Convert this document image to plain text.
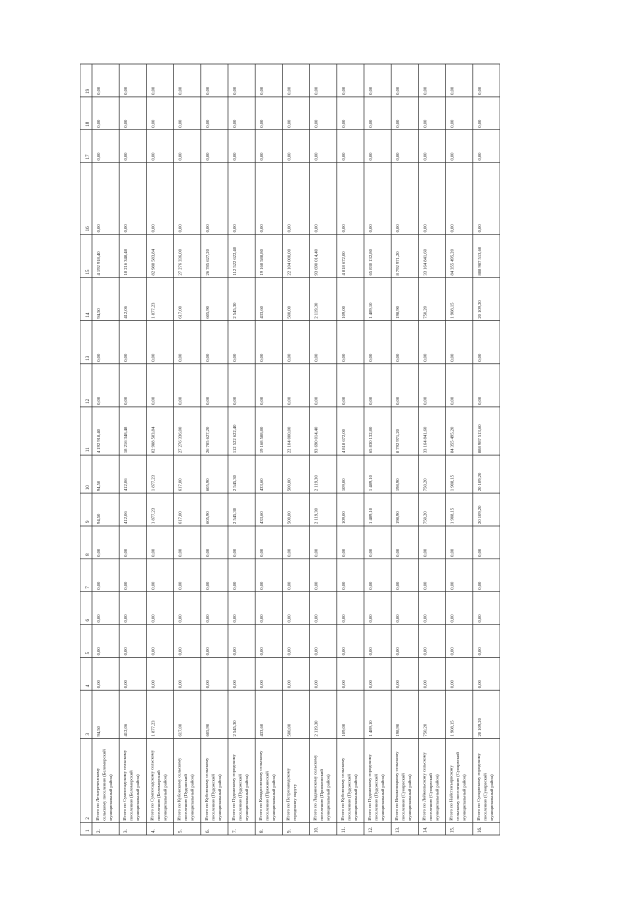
1
2
3
4
5
6
7
8
9
10
11
12
13
14
15
16
17
18
19
2.
Итого по Летнереченскому сельскому поселению (Беломорский муниципальный район)
94,50
0,00
0,00
0,00
0,00
0,00
94,50
94,50
4 192 918,40
0,00
0,00
94,50
4 192 918,40
0,00
0,00
0,00
0,00
3.
Итого по Сумпосадскому сельскому поселению (Беломорский муниципальный район)
412,06
0,00
0,00
0,00
0,00
0,00
412,06
412,06
18 216 348,48
0,00
0,00
412,06
18 216 348,48
0,00
0,00
0,00
0,00
4.
Итого по Сумпосадскому сельскому поселению (Беломорский муниципальный район)
1 877,23
0,00
0,00
0,00
0,00
0,00
1 877,23
1 877,23
82 988 583,84
0,00
0,00
1 877,23
82 988 583,84
0,00
0,00
0,00
0,00
5.
Итого по Кубовскому сельскому поселению (Пудожский муниципальный район)
617,00
0,00
0,00
0,00
0,00
0,00
617,00
617,00
27 276 336,00
0,00
0,00
617,00
27 276 336,00
0,00
0,00
0,00
0,00
6.
Итого по Кубовскому сельскому поселению (Пудожский муниципальный район)
605,90
0,00
0,00
0,00
0,00
0,00
605,90
605,90
26 785 627,20
0,00
0,00
605,90
26 785 627,20
0,00
0,00
0,00
0,00
7.
Итого по Пудожскому городскому поселению (Пудожский муниципальный район)
2 545,30
0,00
0,00
0,00
0,00
0,00
2 545,30
2 545,30
112 522 622,40
0,00
0,00
2 545,30
112 522 622,40
0,00
0,00
0,00
0,00
8.
Итого по Киндасовскому сельскому поселению (Пряжинский муниципальный район)
433,60
0,00
0,00
0,00
0,00
0,00
433,60
433,60
19 168 588,80
0,00
0,00
433,60
19 168 588,80
0,00
0,00
0,00
0,00
9.
Итого по Петрозаводскому городскому округу
500,00
0,00
0,00
0,00
0,00
0,00
500,00
500,00
22 104 000,00
0,00
0,00
500,00
22 104 000,00
0,00
0,00
0,00
0,00
10.
Итого по Ладвинскому сельскому поселению (Прионежский муниципальный район)
2 119,30
0,00
0,00
0,00
0,00
0,00
2 119,30
2 119,30
93 690 014,40
0,00
0,00
2 119,30
93 690 014,40
0,00
0,00
0,00
0,00
11.
Итого по Кубовскому сельскому поселению (Пудожский муниципальный район)
109,00
0,00
0,00
0,00
0,00
0,00
109,00
109,00
4 818 672,00
0,00
0,00
109,00
4 818 672,00
0,00
0,00
0,00
0,00
12.
Итого по Пудожскому городскому поселению (Пудожский муниципальный район)
1 489,10
0,00
0,00
0,00
0,00
0,00
1 489,10
1 489,10
65 830 132,80
0,00
0,00
1 489,10
65 830 132,80
0,00
0,00
0,00
0,00
13.
Итого по Вешкелицкому сельскому поселению (Суоярвский муниципальный район)
198,90
0,00
0,00
0,00
0,00
0,00
198,90
198,90
8 792 971,20
0,00
0,00
198,90
8 792 971,20
0,00
0,00
0,00
0,00
14.
Итого по Лоймольскому сельскому поселению (Суоярвский муниципальный район)
750,20
0,00
0,00
0,00
0,00
0,00
750,20
750,20
33 164 841,60
0,00
0,00
750,20
33 164 841,60
0,00
0,00
0,00
0,00
15.
Итого по Найстенъярвскому сельскому поселению (Суоярвский муниципальный район)
1 908,15
0,00
0,00
0,00
0,00
0,00
1 908,15
1 908,15
84 355 495,20
0,00
0,00
1 908,15
84 355 495,20
0,00
0,00
0,00
0,00
16.
Итого по Суоярвскому городскому поселению (Суоярвский муниципальный район)
20 109,20
0,00
0,00
0,00
0,00
0,00
20 109,20
20 109,20
888 987 513,60
0,00
0,00
20 109,20
888 987 513,60
0,00
0,00
0,00
0,00
